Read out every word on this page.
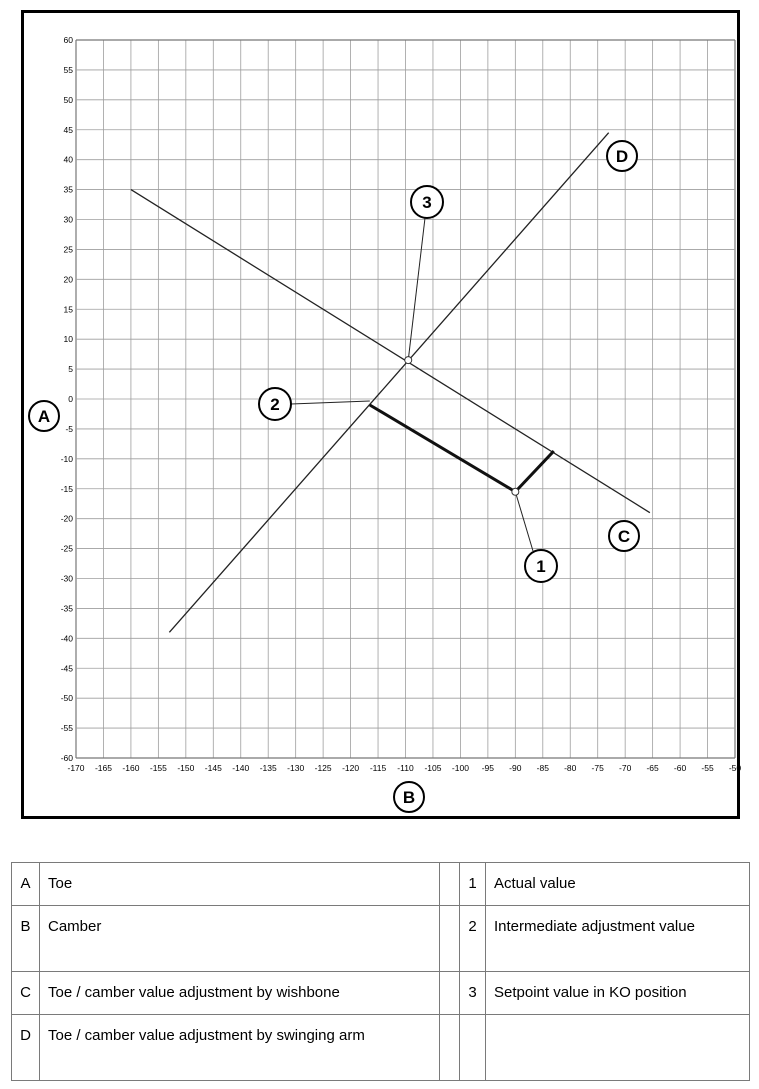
60
55
50
45
40
35
30
25
20
15
10
5
0
-5
-10
-15
-20
-25
-30
-35
-40
-45
-50
-55
-60
-170 -165 -160 -155 -150 -145 -140 -135 -130 -125 -120 -115 -110 -105 -100 -95 -90 -85 -80 -75 -70 -65 -60 -55 -50
A
B
C
D
1
2
3
A	Toe		1	Actual value
B	Camber		2	Intermediate adjustment value
C	Toe / camber value adjustment by wishbone		3	Setpoint value in KO position
D	Toe / camber value adjustment by swinging arm			
